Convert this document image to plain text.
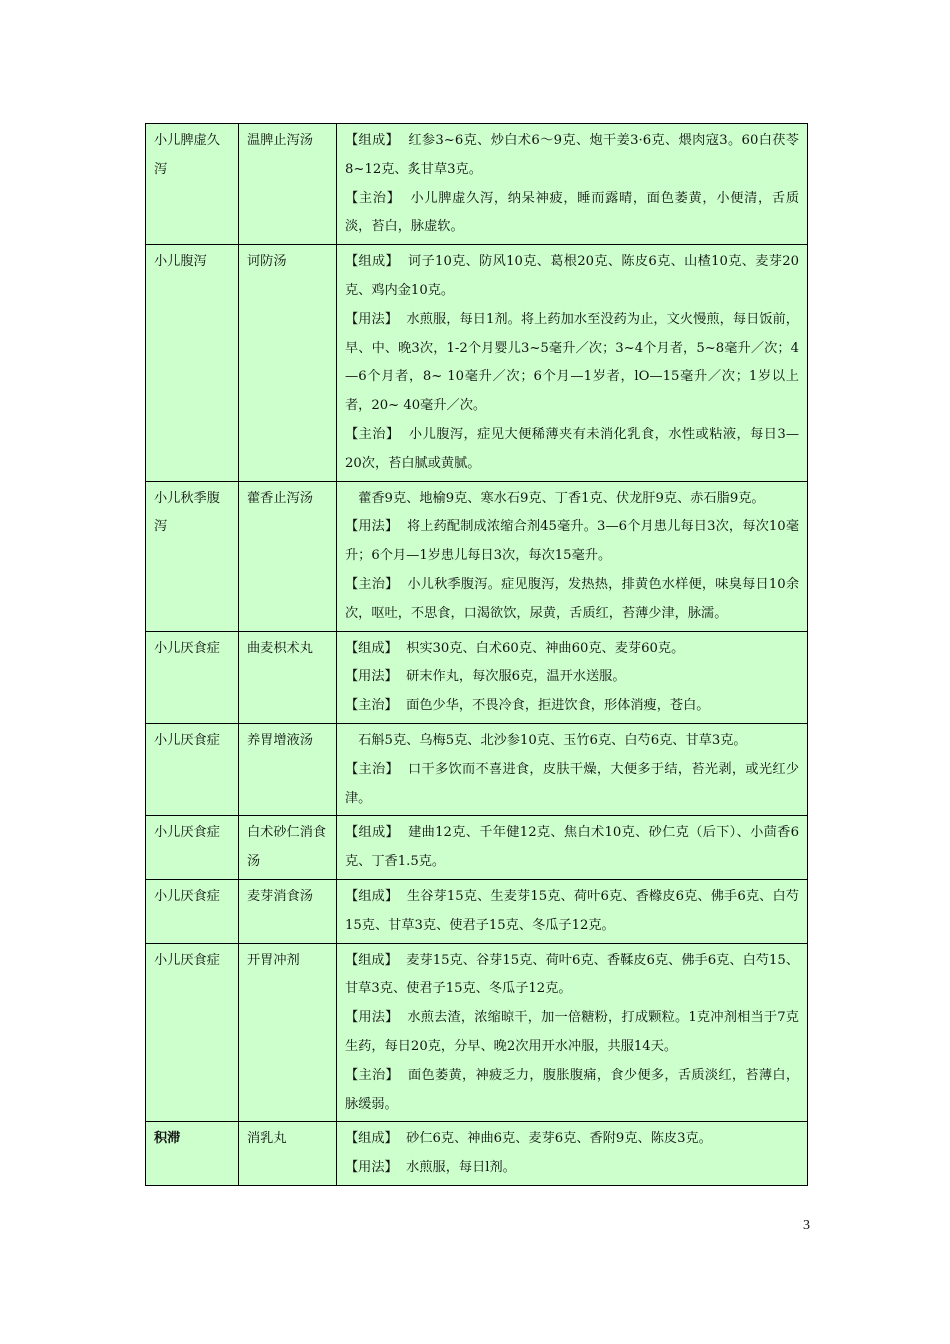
小儿脾虚久泻	温脾止泻汤	【组成】 红参3~6克、炒白术6～9克、炮干姜3·6克、煨肉寇3。60白茯苓8~12克、炙甘草3克。
【主治】 小儿脾虚久泻，纳呆神疲，睡而露晴，面色萎黄，小便清，舌质淡，苔白，脉虚软。

小儿腹泻	诃防汤	【组成】 诃子10克、防风10克、葛根20克、陈皮6克、山楂10克、麦芽20克、鸡内金10克。
【用法】 水煎服，每日1剂。将上药加水至没药为止，文火慢煎，每日饭前，早、中、晚3次，1-2个月婴儿3~5毫升／次；3~4个月者，5~8毫升／次；4—6个月者，8~ 10毫升／次；6个月—1岁者，lO—15毫升／次；1岁以上者，20~ 40毫升／次。
【主治】 小儿腹泻，症见大便稀薄夹有未消化乳食，水性或粘液，每日3—20次，苔白腻或黄腻。

小儿秋季腹泻	藿香止泻汤	藿香9克、地榆9克、寒水石9克、丁香1克、伏龙肝9克、赤石脂9克。
【用法】 将上药配制成浓缩合剂45毫升。3—6个月患儿每日3次，每次10毫升；6个月—1岁患儿每日3次，每次15毫升。
【主治】 小儿秋季腹泻。症见腹泻，发热热，排黄色水样便，味臭每日10余次，呕吐，不思食，口渴欲饮，尿黄，舌质红，苔薄少津，脉濡。

小儿厌食症	曲麦枳术丸	【组成】 枳实30克、白术60克、神曲60克、麦芽60克。
【用法】 研末作丸，每次服6克，温开水送服。
【主治】 面色少华，不畏冷食，拒进饮食，形体消瘦，苍白。

小儿厌食症	养胃增液汤	石斛5克、乌梅5克、北沙参10克、玉竹6克、白芍6克、甘草3克。
【主治】 口干多饮而不喜进食，皮肤干燥，大便多于结，苔光剥，或光红少津。

小儿厌食症	白术砂仁消食汤	【组成】 建曲12克、千年健12克、焦白术10克、砂仁克（后下）、小茴香6克、丁香1.5克。

小儿厌食症	麦芽消食汤	【组成】 生谷芽15克、生麦芽15克、荷叶6克、香橼皮6克、佛手6克、白芍15克、甘草3克、使君子15克、冬瓜子12克。

小儿厌食症	开胃冲剂	【组成】 麦芽15克、谷芽15克、荷叶6克、香鞣皮6克、佛手6克、白芍15、甘草3克、使君子15克、冬瓜子12克。
【用法】 水煎去渣，浓缩晾干，加一倍糖粉，打成颗粒。1克冲剂相当于7克生药，每日20克，分早、晚2次用开水冲服，共服14天。
【主治】 面色萎黄，神疲乏力，腹胀腹痛，食少便多，舌质淡红，苔薄白，脉缓弱。

积滞	消乳丸	【组成】 砂仁6克、神曲6克、麦芽6克、香附9克、陈皮3克。
【用法】 水煎服，每日l剂。
3
